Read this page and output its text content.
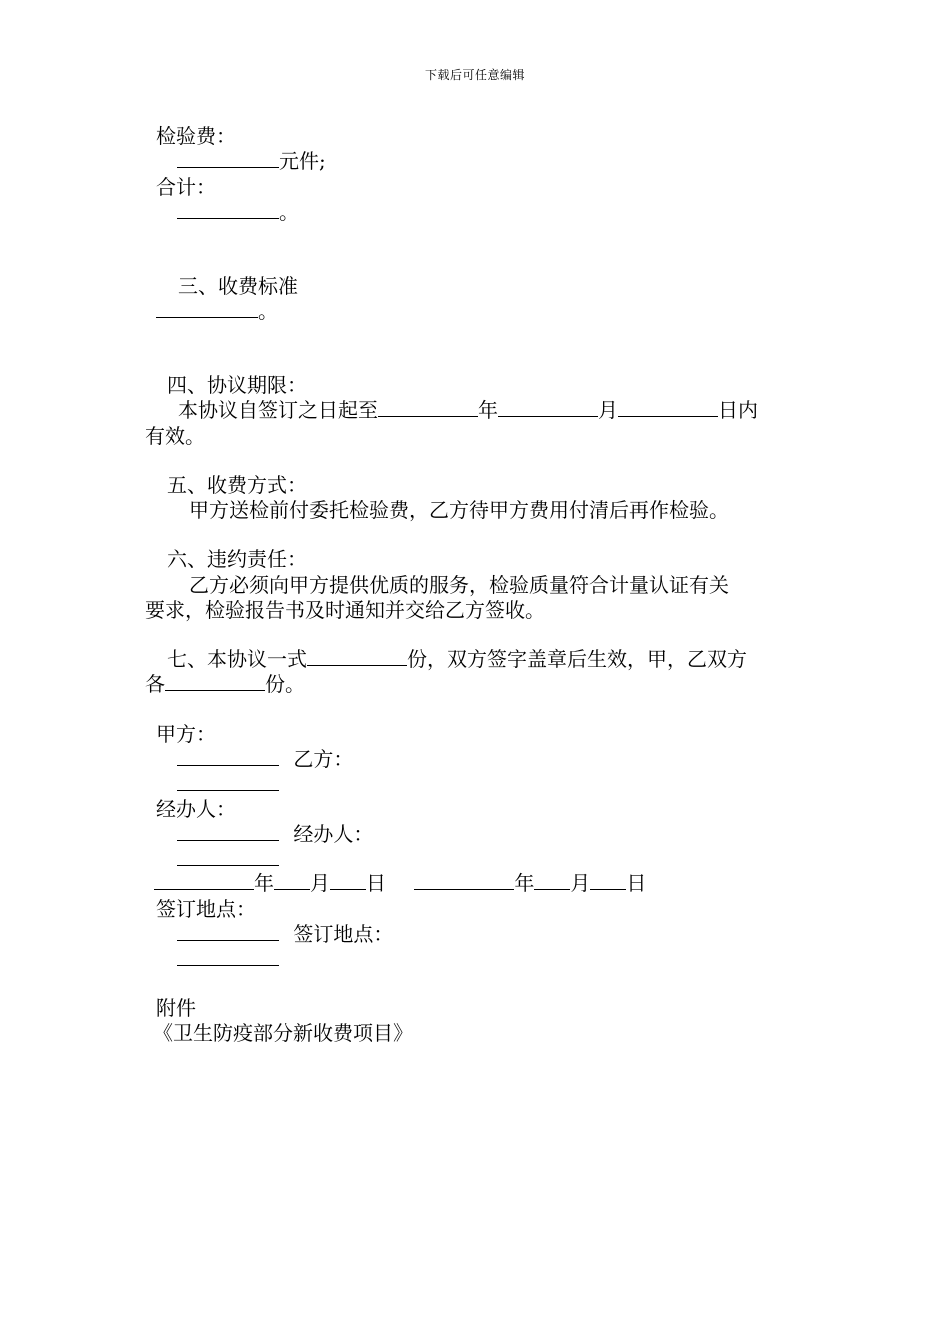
下载后可任意编辑
检验费：
元件;
合计：
。
三、收费标准
。
四、协议期限：
本协议自签订之日起至	年	月	日内
有效。
五、收费方式：
甲方送检前付委托检验费，乙方待甲方费用付清后再作检验。
六、违约责任：
乙方必须向甲方提供优质的服务，检验质量符合计量认证有关
要求，检验报告书及时通知并交给乙方签收。
七、本协议一式	份，双方签字盖章后生效，甲，乙双方
各	份。
甲方：
乙方：
经办人：
经办人：
年 月 日	年 月 日
签订地点：
签订地点：
附件
《卫生防疫部分新收费项目》
